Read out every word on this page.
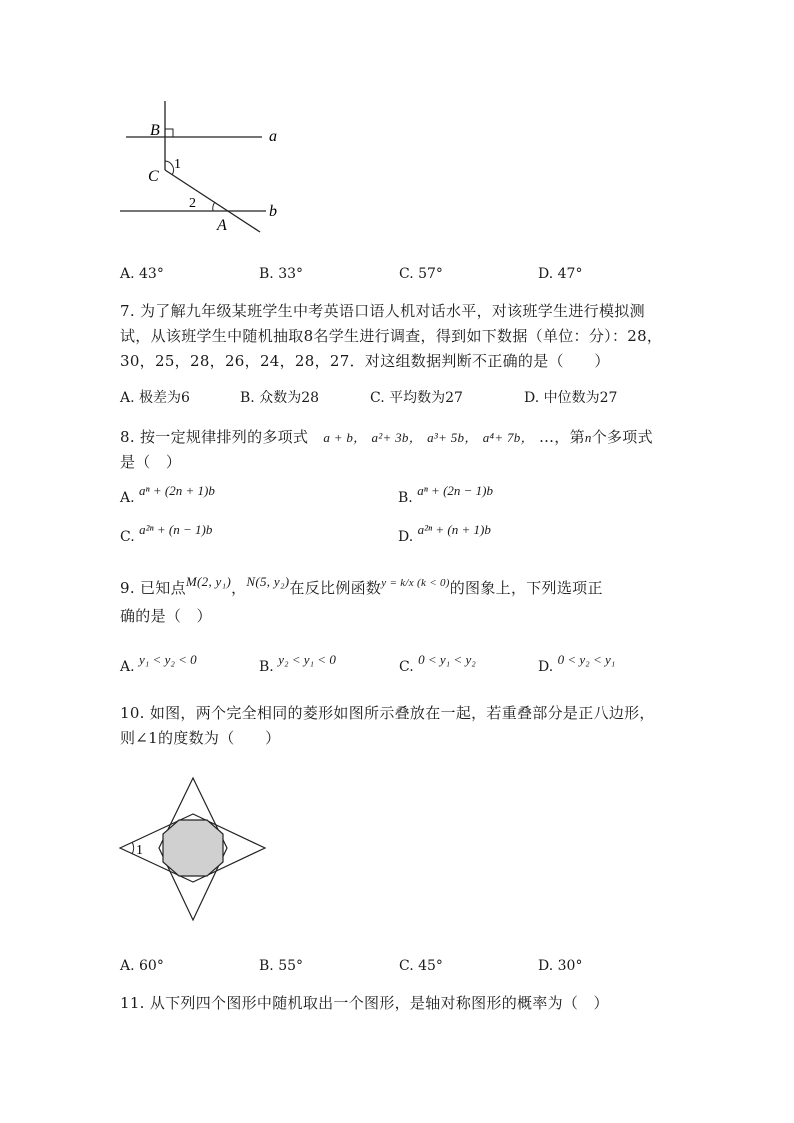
B
C
A
a
b
1
2
A. 43°	B. 33°	C. 57°	D. 47°
7. 为了解九年级某班学生中考英语口语人机对话水平，对该班学生进行模拟测
试，从该班学生中随机抽取8名学生进行调查，得到如下数据（单位：分）：28，
30，25，28，26，24，28，27．对这组数据判断不正确的是（　　）
A. 极差为6	B. 众数为28	C. 平均数为27	D. 中位数为27
8. 按一定规律排列的多项式 a + b， a²+ 3b， a³+ 5b， a⁴+ 7b， …，第n个多项式
是（　）
A. aⁿ + (2n + 1)b	B. aⁿ + (2n − 1)b
C. a²ⁿ + (n − 1)b	D. a²ⁿ + (n + 1)b
9. 已知点M(2, y₁)，N(5, y₂)在反比例函数$^{y = k/x (k < 0)}$的图象上，下列选项正
确的是（　）
A. y₁ < y₂ < 0	B. y₂ < y₁ < 0	C. 0 < y₁ < y₂	D. 0 < y₂ < y₁
10. 如图，两个完全相同的菱形如图所示叠放在一起，若重叠部分是正八边形，
则∠1的度数为（　　）
1
A. 60°	B. 55°	C. 45°	D. 30°
11. 从下列四个图形中随机取出一个图形，是轴对称图形的概率为（　）
